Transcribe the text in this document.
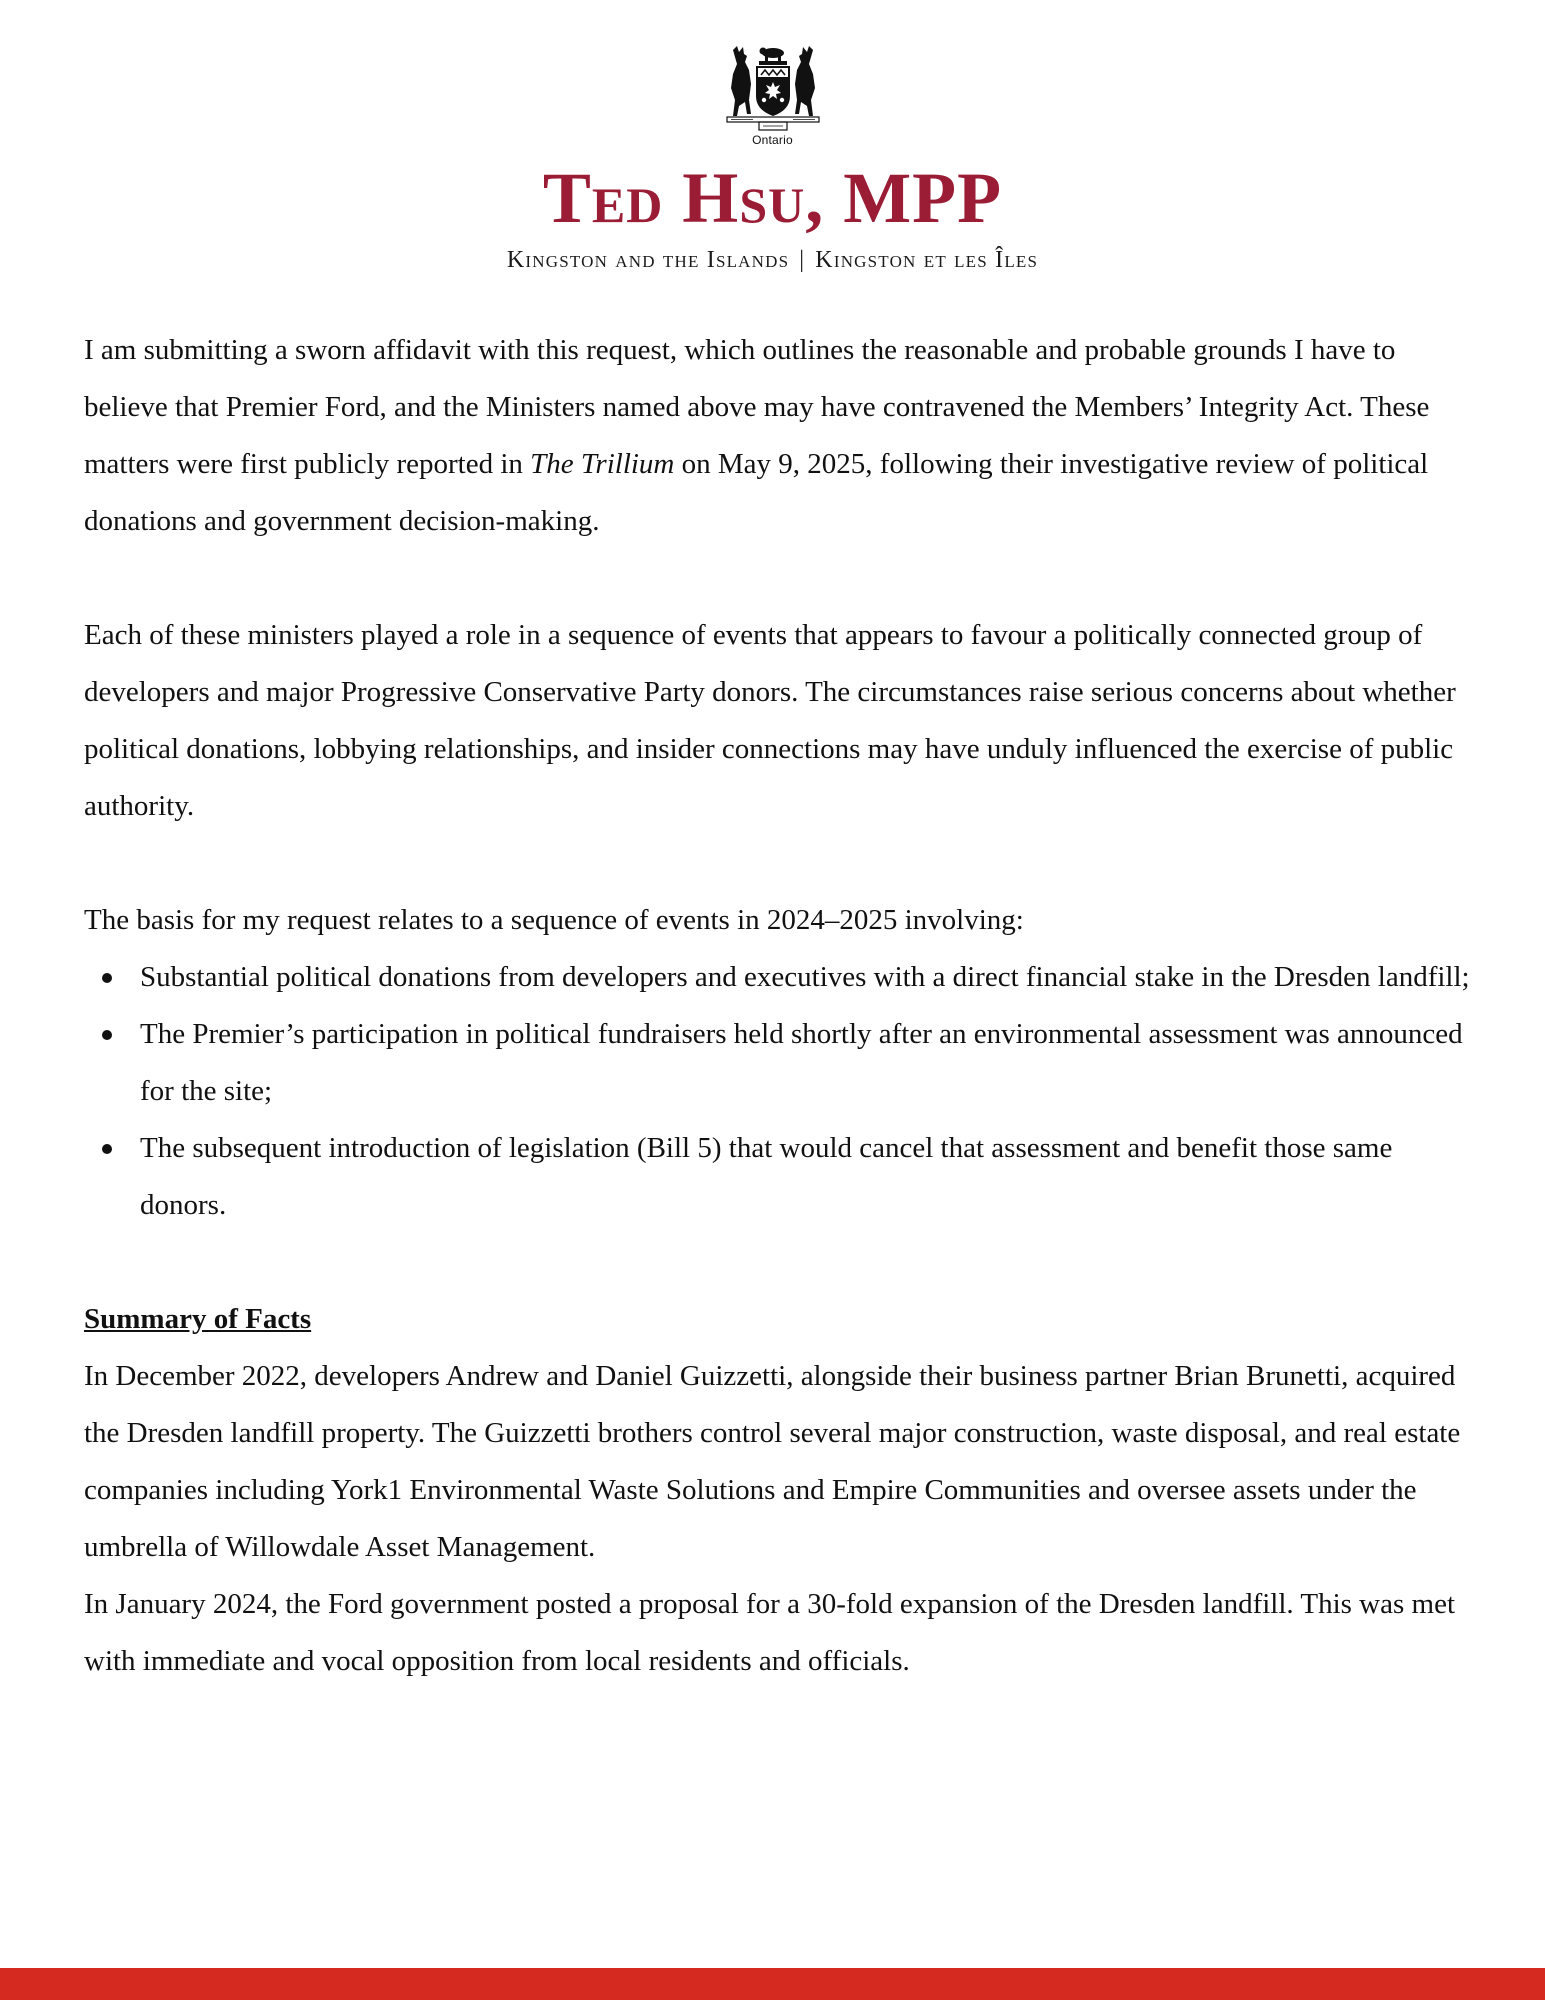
Ontario
Ted Hsu, MPP
Kingston and the Islands | Kingston et les Îles

I am submitting a sworn affidavit with this request, which outlines the reasonable and probable grounds I have to believe that Premier Ford, and the Ministers named above may have contravened the Members’ Integrity Act. These matters were first publicly reported in The Trillium on May 9, 2025, following their investigative review of political donations and government decision-making.

Each of these ministers played a role in a sequence of events that appears to favour a politically connected group of developers and major Progressive Conservative Party donors. The circumstances raise serious concerns about whether political donations, lobbying relationships, and insider connections may have unduly influenced the exercise of public authority.

The basis for my request relates to a sequence of events in 2024–2025 involving:

Substantial political donations from developers and executives with a direct financial stake in the Dresden landfill;
The Premier’s participation in political fundraisers held shortly after an environmental assessment was announced for the site;
The subsequent introduction of legislation (Bill 5) that would cancel that assessment and benefit those same donors.

Summary of Facts

In December 2022, developers Andrew and Daniel Guizzetti, alongside their business partner Brian Brunetti, acquired the Dresden landfill property. The Guizzetti brothers control several major construction, waste disposal, and real estate companies including York1 Environmental Waste Solutions and Empire Communities and oversee assets under the umbrella of Willowdale Asset Management.

In January 2024, the Ford government posted a proposal for a 30-fold expansion of the Dresden landfill. This was met with immediate and vocal opposition from local residents and officials.
